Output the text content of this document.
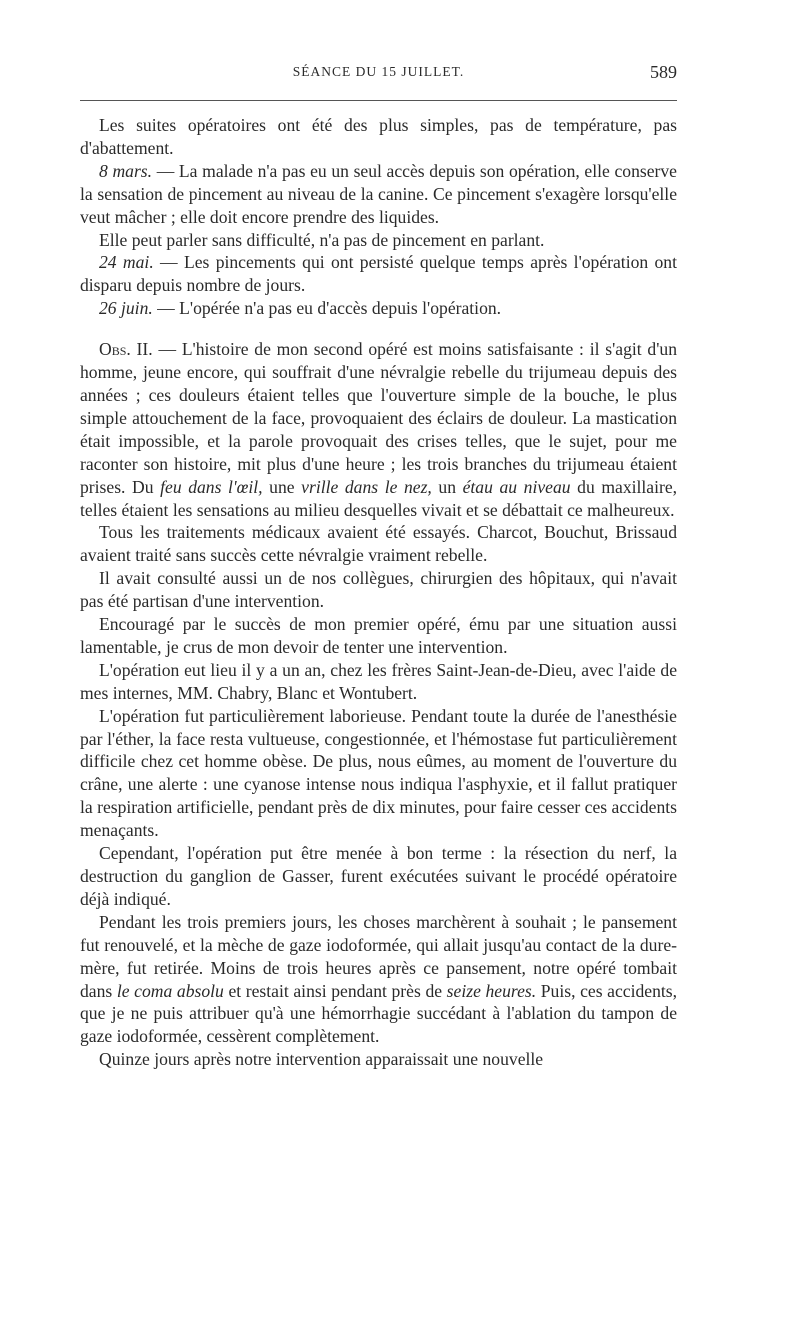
SÉANCE DU 15 JUILLET.	589

Les suites opératoires ont été des plus simples, pas de température, pas d'abattement.

8 mars. — La malade n'a pas eu un seul accès depuis son opération, elle conserve la sensation de pincement au niveau de la canine. Ce pincement s'exagère lorsqu'elle veut mâcher ; elle doit encore prendre des liquides.

Elle peut parler sans difficulté, n'a pas de pincement en parlant.

24 mai. — Les pincements qui ont persisté quelque temps après l'opération ont disparu depuis nombre de jours.

26 juin. — L'opérée n'a pas eu d'accès depuis l'opération.

Obs. II. — L'histoire de mon second opéré est moins satisfaisante : il s'agit d'un homme, jeune encore, qui souffrait d'une névralgie rebelle du trijumeau depuis des années ; ces douleurs étaient telles que l'ouverture simple de la bouche, le plus simple attouchement de la face, provoquaient des éclairs de douleur. La mastication était impossible, et la parole provoquait des crises telles, que le sujet, pour me raconter son histoire, mit plus d'une heure ; les trois branches du trijumeau étaient prises. Du feu dans l'œil, une vrille dans le nez, un étau au niveau du maxillaire, telles étaient les sensations au milieu desquelles vivait et se débattait ce malheureux.

Tous les traitements médicaux avaient été essayés. Charcot, Bouchut, Brissaud avaient traité sans succès cette névralgie vraiment rebelle.

Il avait consulté aussi un de nos collègues, chirurgien des hôpitaux, qui n'avait pas été partisan d'une intervention.

Encouragé par le succès de mon premier opéré, ému par une situation aussi lamentable, je crus de mon devoir de tenter une intervention.

L'opération eut lieu il y a un an, chez les frères Saint-Jean-de-Dieu, avec l'aide de mes internes, MM. Chabry, Blanc et Wontubert.

L'opération fut particulièrement laborieuse. Pendant toute la durée de l'anesthésie par l'éther, la face resta vultueuse, congestionnée, et l'hémostase fut particulièrement difficile chez cet homme obèse. De plus, nous eûmes, au moment de l'ouverture du crâne, une alerte : une cyanose intense nous indiqua l'asphyxie, et il fallut pratiquer la respiration artificielle, pendant près de dix minutes, pour faire cesser ces accidents menaçants.

Cependant, l'opération put être menée à bon terme : la résection du nerf, la destruction du ganglion de Gasser, furent exécutées suivant le procédé opératoire déjà indiqué.

Pendant les trois premiers jours, les choses marchèrent à souhait ; le pansement fut renouvelé, et la mèche de gaze iodoformée, qui allait jusqu'au contact de la dure-mère, fut retirée. Moins de trois heures après ce pansement, notre opéré tombait dans le coma absolu et restait ainsi pendant près de seize heures. Puis, ces accidents, que je ne puis attribuer qu'à une hémorrhagie succédant à l'ablation du tampon de gaze iodoformée, cessèrent complètement.

Quinze jours après notre intervention apparaissait une nouvelle
